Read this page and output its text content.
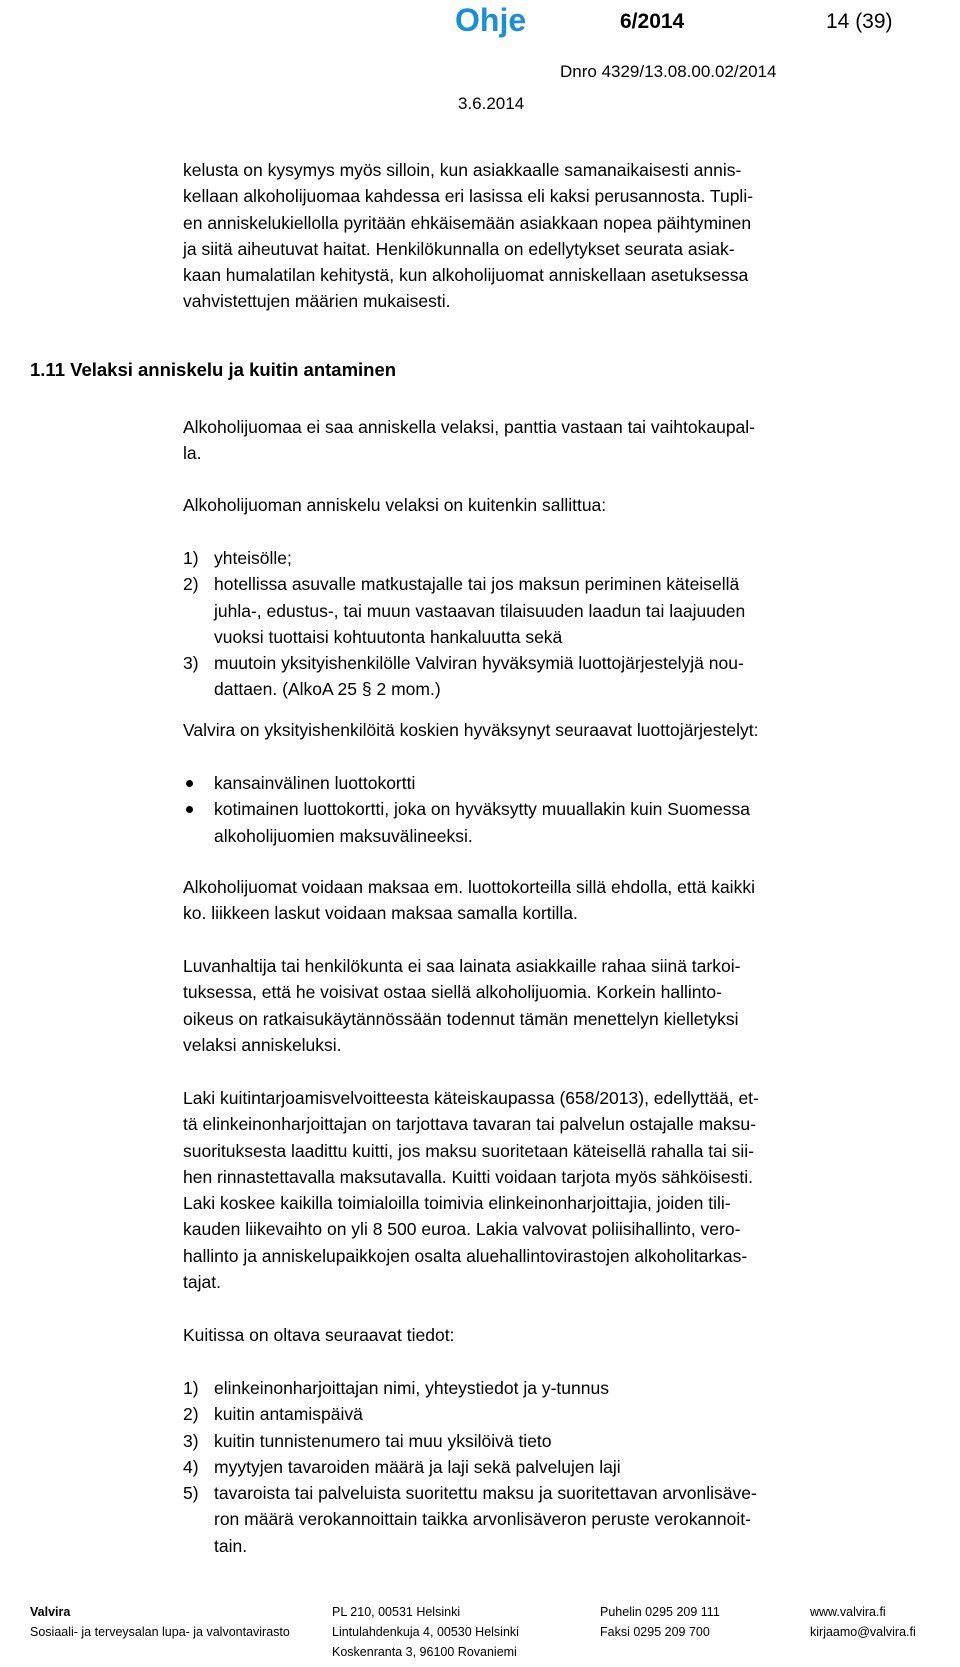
Ohje	6/2014	14 (39)
Dnro 4329/13.08.00.02/2014
3.6.2014

kelusta on kysymys myös silloin, kun asiakkaalle samanaikaisesti annis-

kellaan alkoholijuomaa kahdessa eri lasissa eli kaksi perusannosta. Tupli-

en anniskelukiellolla pyritään ehkäisemään asiakkaan nopea päihtyminen

ja siitä aiheutuvat haitat. Henkilökunnalla on edellytykset seurata asiak-

kaan humalatilan kehitystä, kun alkoholijuomat anniskellaan asetuksessa

vahvistettujen määrien mukaisesti.

1.11 Velaksi anniskelu ja kuitin antaminen

Alkoholijuomaa ei saa anniskella velaksi, panttia vastaan tai vaihtokaupal-

la.

Alkoholijuoman anniskelu velaksi on kuitenkin sallittua:

1) yhteisölle;
2) hotellissa asuvalle matkustajalle tai jos maksun periminen käteisellä
juhla-, edustus-, tai muun vastaavan tilaisuuden laadun tai laajuuden
vuoksi tuottaisi kohtuutonta hankaluutta sekä
3) muutoin yksityishenkilölle Valviran hyväksymiä luottojärjestelyjä nou-
dattaen. (AlkoA 25 § 2 mom.)

Valvira on yksityishenkilöitä koskien hyväksynyt seuraavat luottojärjestelyt:

kansainvälinen luottokortti
kotimainen luottokortti, joka on hyväksytty muuallakin kuin Suomessa
alkoholijuomien maksuvälineeksi.

Alkoholijuomat voidaan maksaa em. luottokorteilla sillä ehdolla, että kaikki

ko. liikkeen laskut voidaan maksaa samalla kortilla.

Luvanhaltija tai henkilökunta ei saa lainata asiakkaille rahaa siinä tarkoi-

tuksessa, että he voisivat ostaa siellä alkoholijuomia. Korkein hallinto-

oikeus on ratkaisukäytännössään todennut tämän menettelyn kielletyksi

velaksi anniskeluksi.

Laki kuitintarjoamisvelvoitteesta käteiskaupassa (658/2013), edellyttää, et-

tä elinkeinonharjoittajan on tarjottava tavaran tai palvelun ostajalle maksu-

suorituksesta laadittu kuitti, jos maksu suoritetaan käteisellä rahalla tai sii-

hen rinnastettavalla maksutavalla. Kuitti voidaan tarjota myös sähköisesti.

Laki koskee kaikilla toimialoilla toimivia elinkeinonharjoittajia, joiden tili-

kauden liikevaihto on yli 8 500 euroa. Lakia valvovat poliisihallinto, vero-

hallinto ja anniskelupaikkojen osalta aluehallintovirastojen alkoholitarkas-

tajat.

Kuitissa on oltava seuraavat tiedot:

1) elinkeinonharjoittajan nimi, yhteystiedot ja y-tunnus
2) kuitin antamispäivä
3) kuitin tunnistenumero tai muu yksilöivä tieto
4) myytyjen tavaroiden määrä ja laji sekä palvelujen laji
5) tavaroista tai palveluista suoritettu maksu ja suoritettavan arvonlisäve-
ron määrä verokannoittain taikka arvonlisäveron peruste verokannoit-
tain.
Valvira
Sosiaali- ja terveysalan lupa- ja valvontavirasto
PL 210, 00531 Helsinki
Lintulahdenkuja 4, 00530 Helsinki
Koskenranta 3, 96100 Rovaniemi
Puhelin 0295 209 111
Faksi 0295 209 700
www.valvira.fi
kirjaamo@valvira.fi
